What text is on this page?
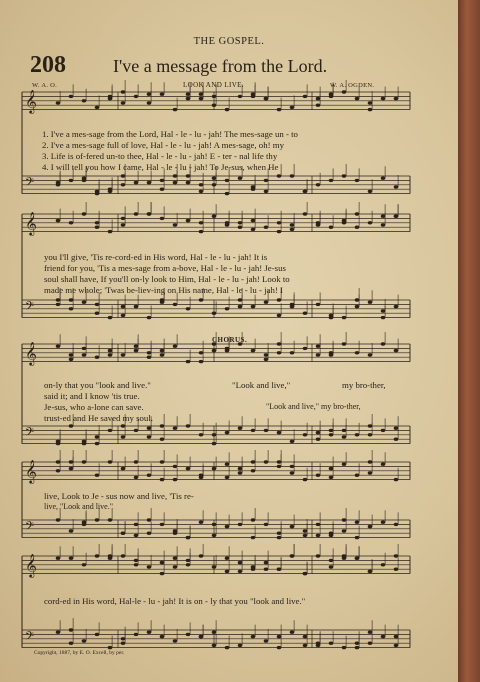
THE GOSPEL.
208	I've a message from the Lord.
W. A. O.	LOOK AND LIVE.	W. A. OGDEN.
𝄞
𝄢
𝄞
𝄢
𝄞
𝄢
𝄞
𝄢
𝄞
𝄢
1. I've a mes-sage from the Lord, Hal - le - lu - jah! The mes-sage un - to
2. I've a mes-sage full of love, Hal - le - lu - jah! A mes-sage, oh! my
3. Life is of-fered un-to thee, Hal - le - lu - jah! E - ter - nal life thy
4. I will tell you how I came, Hal - le - lu - jah! To Je-sus, when He
you I'll give, 'Tis re-cord-ed in His word, Hal - le - lu - jah! It is
friend for you, 'Tis a mes-sage from a-bove, Hal - le - lu - jah! Je-sus
soul shall have, If you'll on-ly look to Him, Hal - le - lu - jah! Look to
made me whole; 'Twas be-liev-ing on His name, Hal - le - lu - jah! I
CHORUS.
on-ly that you "look and live."
said it; and I know 'tis true.
Je-sus, who a-lone can save.
trust-ed and He saved my soul.
"Look and live,"	my bro-ther,
"Look and live," my bro-ther,
live, Look to Je - sus now and live, 'Tis re-
live, "Look and live."
cord-ed in His word, Hal-le - lu - jah! It is on - ly that you "look and live."
Copyright, 1887, by E. O. Excell, by per.
